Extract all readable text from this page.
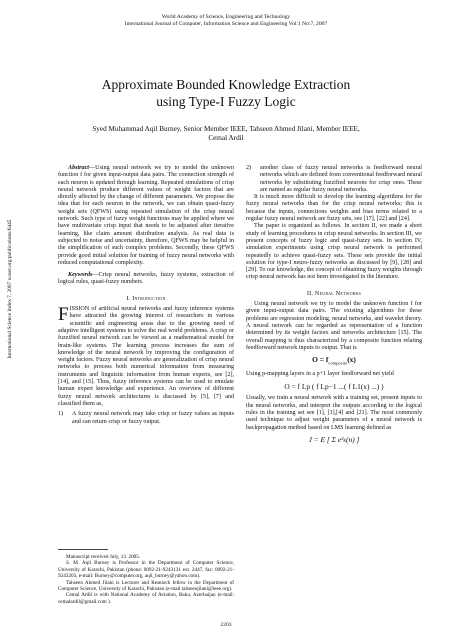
World Academy of Science, Engineering and Technology
International Journal of Computer, Information Science and Engineering Vol:1 No:7, 2007
Approximate Bounded Knowledge Extraction
using Type-I Fuzzy Logic
Syed Muhammad Aqil Burney, Senior Member IEEE, Tahseen Ahmed Jilani, Member IEEE,
Cemal Ardil
International Science Index 7, 2007 waset.org/publications/6445

Abstract—Using neural network we try to model the unknown function f for given input-output data pairs. The connection strength of each neuron is updated through learning. Repeated simulations of crisp neural network produce different values of weight factors that are directly affected by the change of different parameters. We propose the idea that for each neuron in the network, we can obtain quasi-fuzzy weight sets (QFWS) using repeated simulation of the crisp neural network. Such type of fuzzy weight functions may be applied where we have multivariate crisp input that needs to be adjusted after iterative learning, like claim amount distribution analysis. As real data is subjected to noise and uncertainty, therefore, QFWS may be helpful in the simplification of such complex problems. Secondly, these QFWS provide good initial solution for training of fuzzy neural networks with reduced computational complexity.

Keywords—Crisp neural networks, fuzzy systems, extraction of logical rules, quasi-fuzzy numbers.

I. Introduction

FISSION of artificial neural networks and fuzzy inference systems have attracted the growing interest of researchers in various scientific and engineering areas due to the growing need of adaptive intelligent systems to solve the real world problems. A crisp or fuzzified neural network can be viewed as a mathematical model for brain-like systems. The learning process increases the sum of knowledge of the neural network by improving the configuration of weight factors. Fuzzy neural networks are generalization of crisp neural networks to process both numerical information from measuring instruments and linguistic information from human experts, see [2], [14], and [15]. Thus, fuzzy inference systems can be used to emulate human expert knowledge and experience. An overview of different fuzzy neural network architectures is discussed by [5], [7] and classified them as,

1)	A fuzzy neural network may take crisp or fuzzy values as inputs and can return crisp or fuzzy output.
Manuscript received July, 13. 2005.
S. M. Aqil Burney is Professor in the Department of Computer Science, University of Karachi, Pakistan (phone: 0092-21-9243131 ext. 2447, fax: 0092-21-9243203, e-mail: Burney@computer.org, aqil_burney@yahoo.com).
Tahseen Ahmed Jilani is Lecturer and Research fellow in the Department of Computer Science, University of Karachi, Pakistan (e-mail tahseenjilani@ieee.org).
Cemal Ardil is with National Academy of Aviation, Baku, Azerbaijan (e-mail: cemalardil@gmail.com ).
2)	another class of fuzzy neural networks is feedforward neural networks which are defined from conventional feedforward neural networks by substituting fuzzified neurons for crisp ones. These are named as regular fuzzy neural networks.

It is much more difficult to develop the learning algorithms for the fuzzy neural networks than for the crisp neural networks; this is because the inputs, connections weights and bias terms related to a regular fuzzy neural network are fuzzy sets, see [17], [22] and [24].

The paper is organized as follows. In section II, we made a short study of learning procedures in crisp neural networks. In section III, we present concepts of fuzzy logic and quasi-fuzzy sets. In section IV, simulation experiments using crisp neural network is performed repeatedly to achieve quasi-fuzzy sets. These sets provide the initial solution for type-I neuro-fuzzy networks as discussed by [9], [28] and [29]. To our knowledge, the concept of obtaining fuzzy weights through crisp neural network has not been investigated in the literature.

II. Neural Networks

Using neural network we try to model the unknown function f for given input-output data pairs. The existing algorithms for these problems are regression modeling, neural networks, and wavelet theory. A neural network can be regarded as representation of a function determined by its weight factors and networks architecture [15]. The overall mapping is thus characterized by a composite function relating feedforward network inputs to output. That is

$O = f_{composite}(x)$

Using p-mapping layers in a p+1 layer feedforward net yield

O = f Lp ( f Lp−1 ...( f L1(x) ...) )

Usually, we train a neural network with a training set, present inputs to the neural networks, and interpret the outputs according to the logical rules in the training set see [1], [3],[4] and [21]. The most commonly used technique to adjust weight parameters of a neural network is backpropagation method based on LMS learning defined as

J = E [ Σ e²ₖ(n) ]
2203
